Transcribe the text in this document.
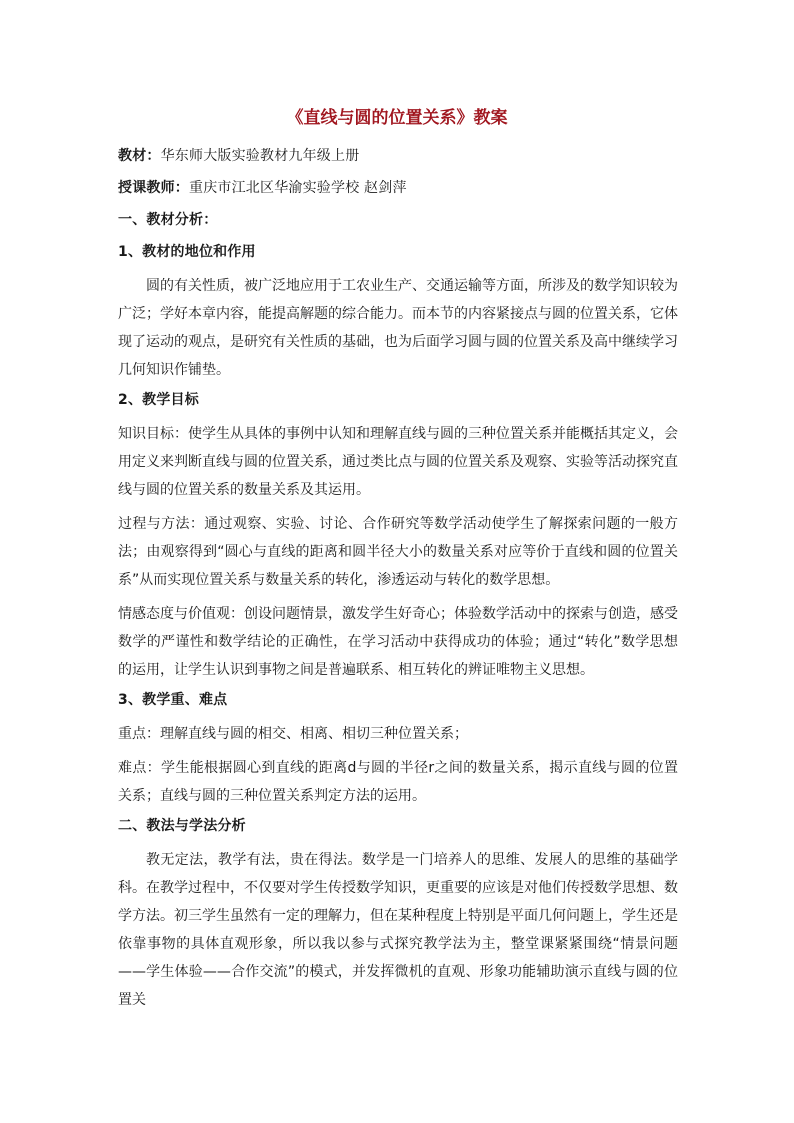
《直线与圆的位置关系》教案
教材：华东师大版实验教材九年级上册
授课教师：重庆市江北区华渝实验学校 赵剑萍
一、教材分析：
1、教材的地位和作用

圆的有关性质，被广泛地应用于工农业生产、交通运输等方面，所涉及的数学知识较为广泛；学好本章内容，能提高解题的综合能力。而本节的内容紧接点与圆的位置关系，它体现了运动的观点，是研究有关性质的基础，也为后面学习圆与圆的位置关系及高中继续学习几何知识作铺垫。

2、教学目标

知识目标：使学生从具体的事例中认知和理解直线与圆的三种位置关系并能概括其定义，会用定义来判断直线与圆的位置关系，通过类比点与圆的位置关系及观察、实验等活动探究直线与圆的位置关系的数量关系及其运用。

过程与方法：通过观察、实验、讨论、合作研究等数学活动使学生了解探索问题的一般方法；由观察得到“圆心与直线的距离和圆半径大小的数量关系对应等价于直线和圆的位置关系”从而实现位置关系与数量关系的转化，渗透运动与转化的数学思想。

情感态度与价值观：创设问题情景，激发学生好奇心；体验数学活动中的探索与创造，感受数学的严谨性和数学结论的正确性，在学习活动中获得成功的体验；通过“转化”数学思想的运用，让学生认识到事物之间是普遍联系、相互转化的辨证唯物主义思想。

3、教学重、难点

重点：理解直线与圆的相交、相离、相切三种位置关系；

难点：学生能根据圆心到直线的距离d与圆的半径r之间的数量关系，揭示直线与圆的位置关系；直线与圆的三种位置关系判定方法的运用。

二、教法与学法分析

教无定法，教学有法，贵在得法。数学是一门培养人的思维、发展人的思维的基础学科。在教学过程中，不仅要对学生传授数学知识，更重要的应该是对他们传授数学思想、数学方法。初三学生虽然有一定的理解力，但在某种程度上特别是平面几何问题上，学生还是依靠事物的具体直观形象，所以我以参与式探究教学法为主，整堂课紧紧围绕“情景问题——学生体验——合作交流”的模式，并发挥微机的直观、形象功能辅助演示直线与圆的位置关
